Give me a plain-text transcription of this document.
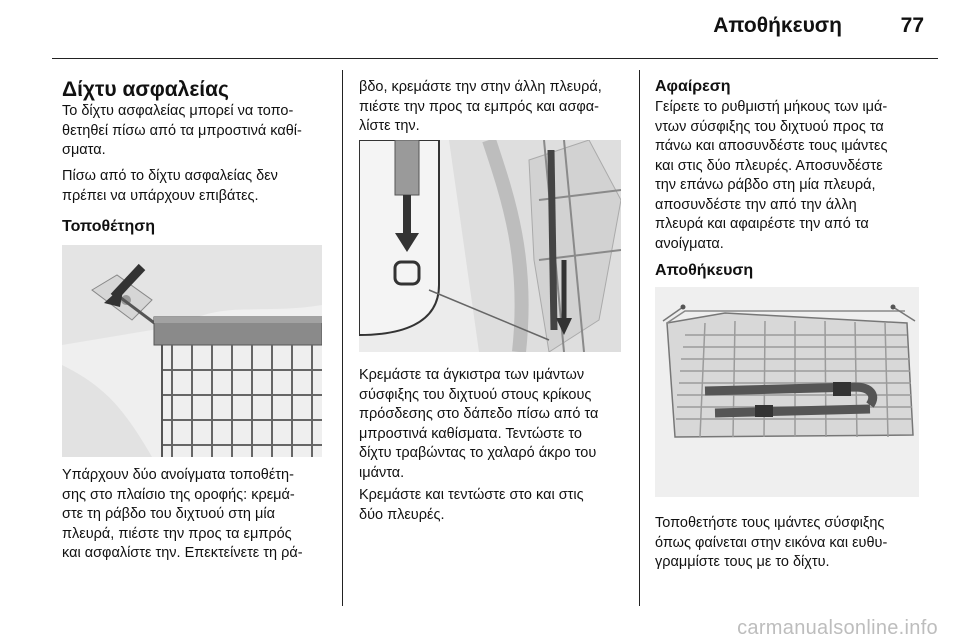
Αποθήκευση	77
Δίχτυ ασφαλείας

Το δίχτυ ασφαλείας μπορεί να τοπο-

θετηθεί πίσω από τα μπροστινά καθί-

σματα.

Πίσω από το δίχτυ ασφαλείας δεν

πρέπει να υπάρχουν επιβάτες.

Τοποθέτηση

Υπάρχουν δύο ανοίγματα τοποθέτη-

σης στο πλαίσιο της οροφής: κρεμά-

στε τη ράβδο του διχτυού στη μία

πλευρά, πιέστε την προς τα εμπρός

και ασφαλίστε την. Επεκτείνετε τη ρά-

βδο, κρεμάστε την στην άλλη πλευρά,

πιέστε την προς τα εμπρός και ασφα-

λίστε την.

Κρεμάστε τα άγκιστρα των ιμάντων

σύσφιξης του διχτυού στους κρίκους

πρόσδεσης στο δάπεδο πίσω από τα

μπροστινά καθίσματα. Τεντώστε το

δίχτυ τραβώντας το χαλαρό άκρο του

ιμάντα.

Κρεμάστε και τεντώστε στο και στις

δύο πλευρές.

Αφαίρεση

Γείρετε το ρυθμιστή μήκους των ιμά-

ντων σύσφιξης του διχτυού προς τα

πάνω και αποσυνδέστε τους ιμάντες

και στις δύο πλευρές. Αποσυνδέστε

την επάνω ράβδο στη μία πλευρά,

αποσυνδέστε την από την άλλη

πλευρά και αφαιρέστε την από τα

ανοίγματα.

Αποθήκευση

Τοποθετήστε τους ιμάντες σύσφιξης

όπως φαίνεται στην εικόνα και ευθυ-

γραμμίστε τους με το δίχτυ.

carmanualsonline.info
